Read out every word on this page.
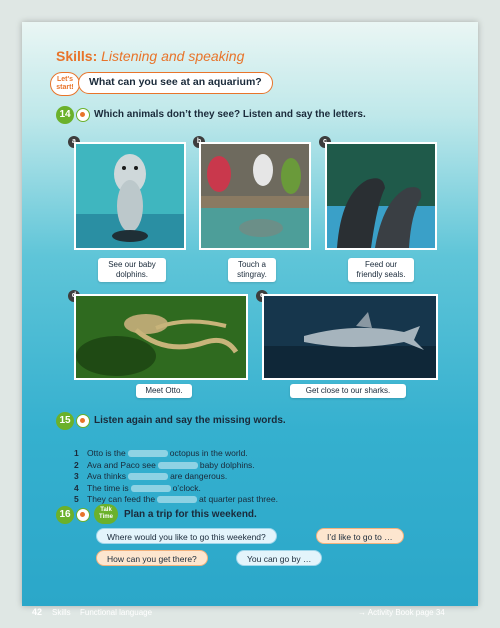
Skills: Listening and speaking
Let's start!	What can you see at an aquarium?
14	Which animals don’t they see? Listen and say the letters.
a
See our baby dolphins.
b
Touch a stingray.
c
Feed our friendly seals.
d
Meet Otto.
e
Get close to our sharks.
15	Listen again and say the missing words.
1 Otto is the	octopus in the world.
2 Ava and Paco see	baby dolphins.
3 Ava thinks	are dangerous.
4 The time is	o’clock.
5 They can feed the	at quarter past three.
16	Talk Time	Plan a trip for this weekend.
Where would you like to go this weekend?	I’d like to go to …
How can you get there?	You can go by …
42 Skills Functional language	→ Activity Book page 34
